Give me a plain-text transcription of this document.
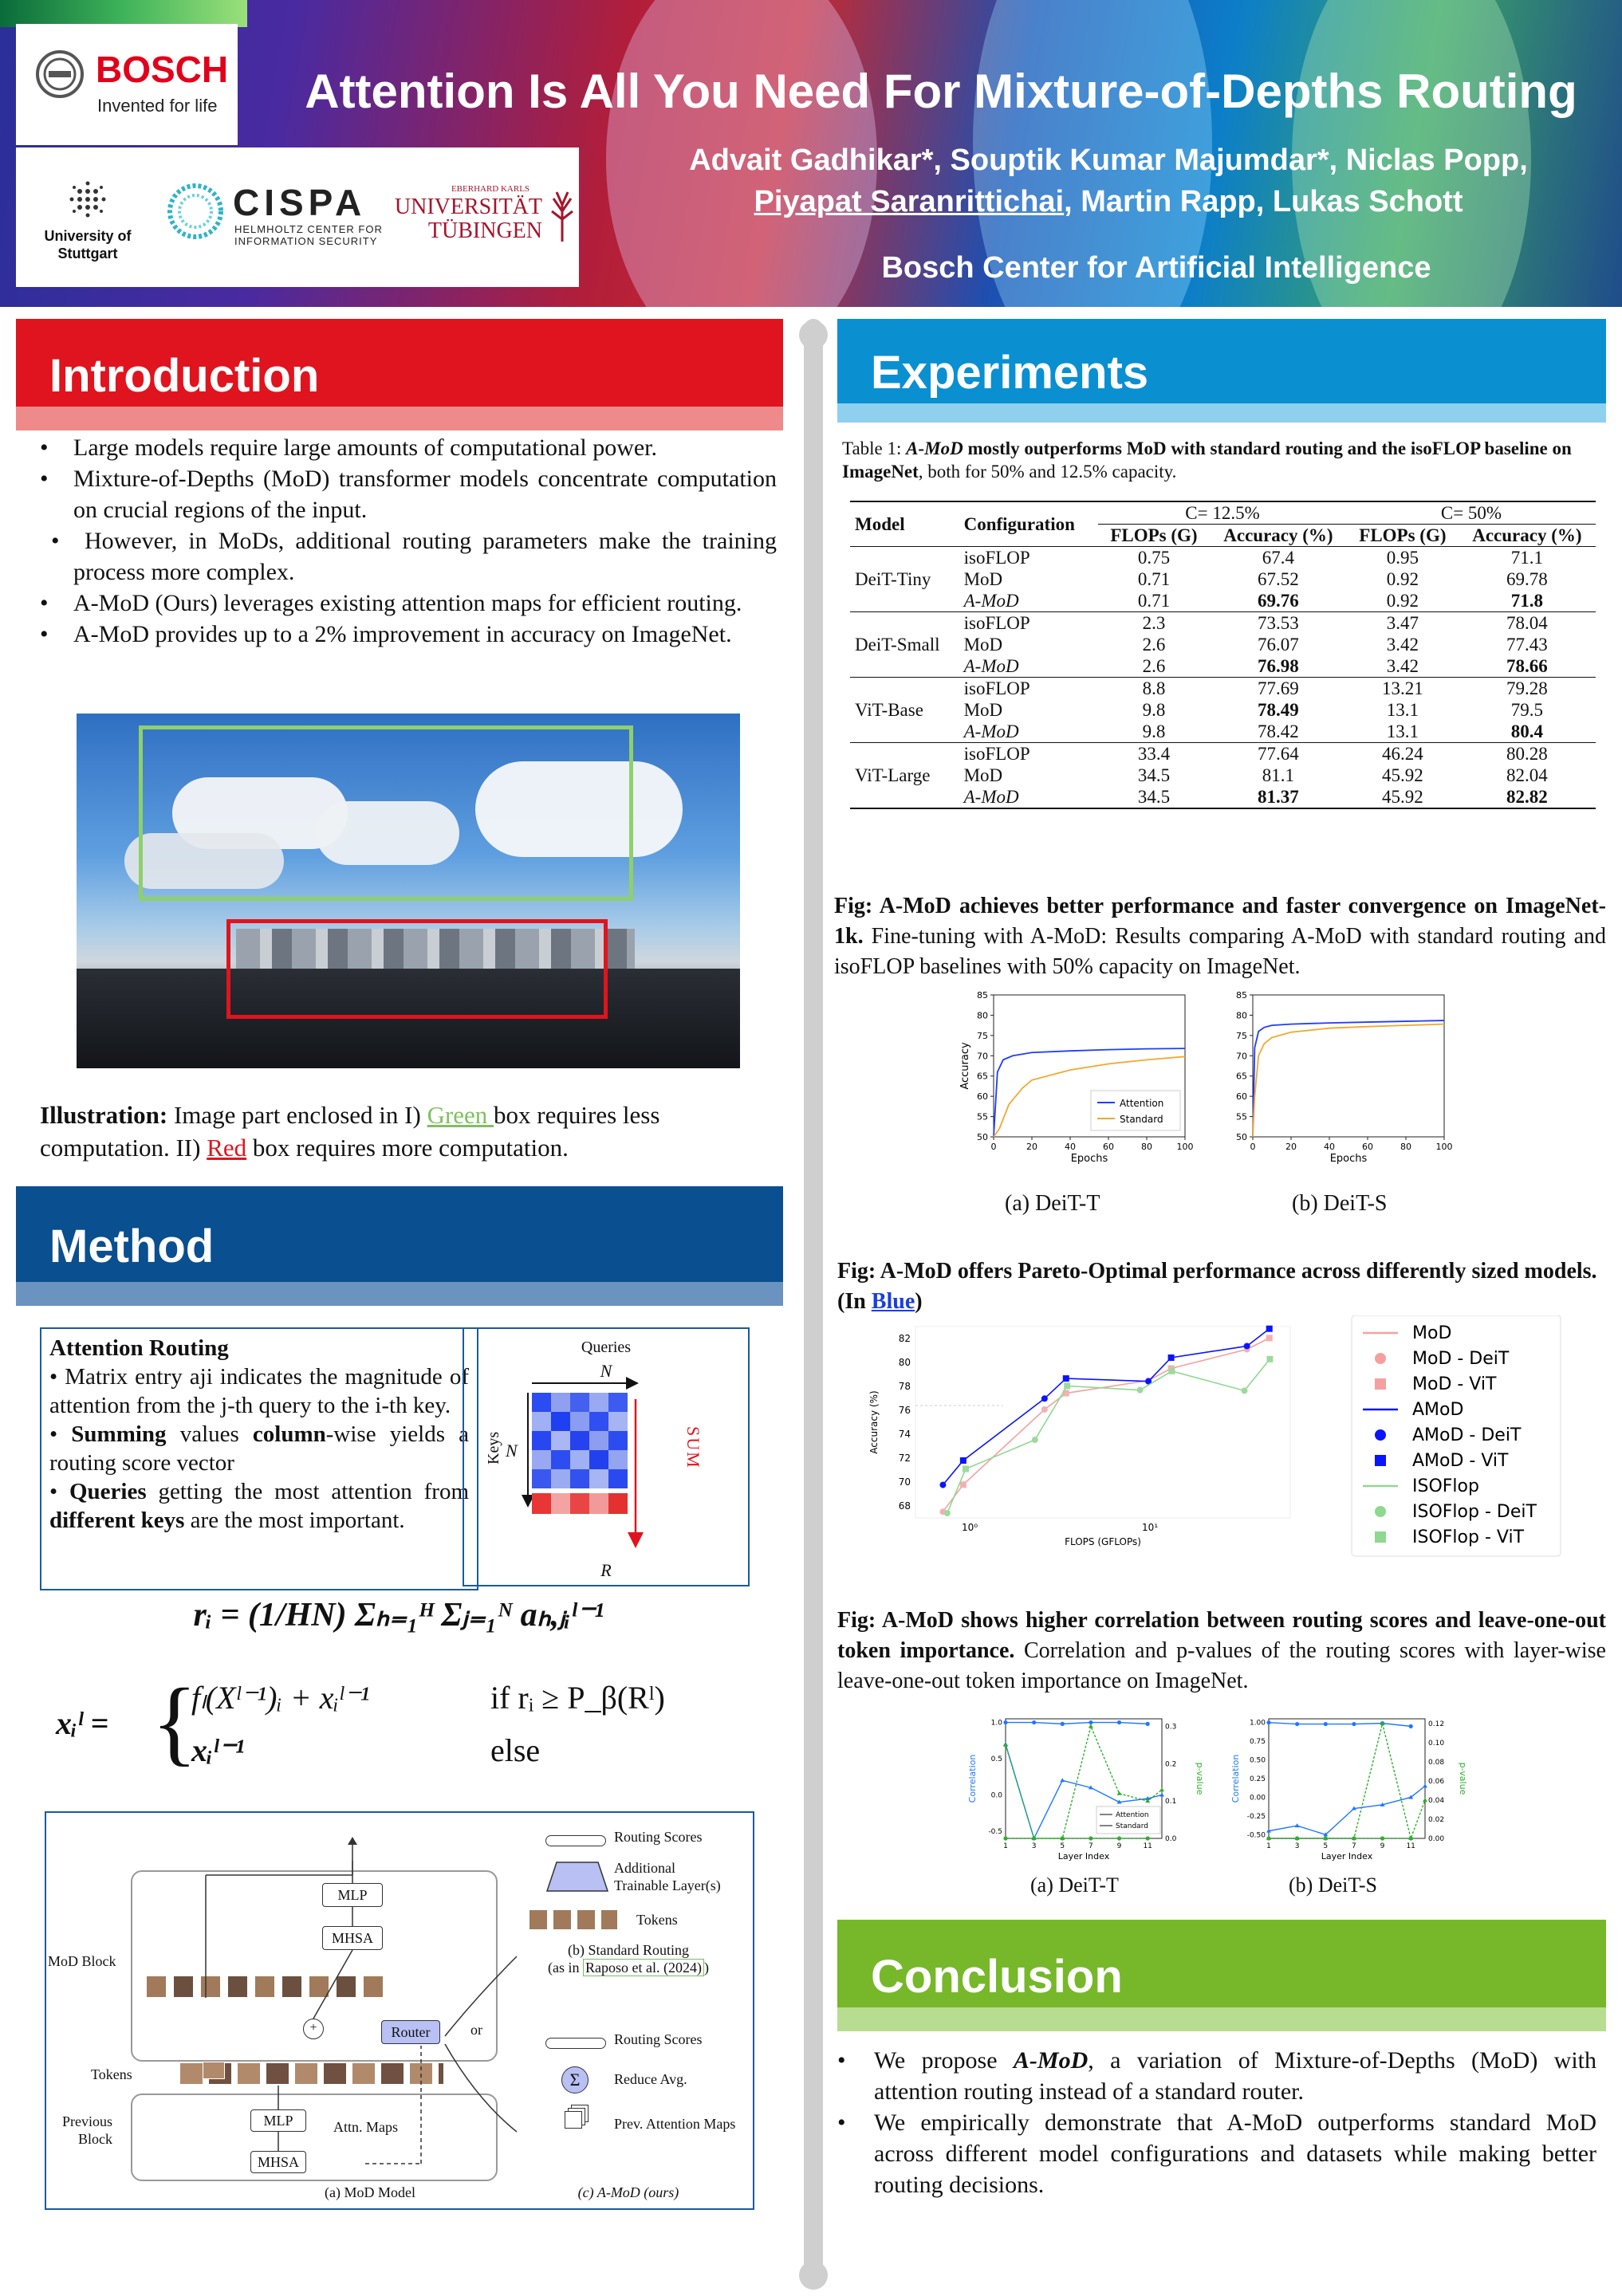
BOSCH
Invented for life
University of
Stuttgart
CISPA
HELMHOLTZ CENTER FOR
INFORMATION SECURITY
EBERHARD KARLS
UNIVERSITÄT
TÜBINGEN
Attention Is All You Need For Mixture-of-Depths Routing
Advait Gadhikar*, Souptik Kumar Majumdar*, Niclas Popp,
Piyapat Saranrittichai, Martin Rapp, Lukas Schott
Bosch Center for Artificial Intelligence
Introduction
• Large models require large amounts of computational power.
• Mixture-of-Depths (MoD) transformer models concentrate computation on crucial regions of the input.
• However, in MoDs, additional routing parameters make the training process more complex.
• A-MoD (Ours) leverages existing attention maps for efficient routing.
• A-MoD provides up to a 2% improvement in accuracy on ImageNet.

Illustration: Image part enclosed in I) Green box requires less computation. II) Red box requires more computation.

Method
Attention Routing
• Matrix entry aji indicates the magnitude of attention from the j-th query to the i-th key.
• Summing values column-wise yields a routing score vector
• Queries getting the most attention from different keys are the most important.
Queries
N
Keys N	SUM
R
rᵢ = (1/HN) Σₕ₌₁ᴴ Σⱼ₌₁ᴺ aₕ,ⱼᵢˡ⁻¹
xᵢˡ = {
fₗ(Xˡ⁻¹)ᵢ + xᵢˡ⁻¹	if rᵢ ≥ P_β(Rˡ)
xᵢˡ⁻¹	else
MoD Block
MLP
MHSA
Router	or
+
Tokens
Previous
Block
MLP
MHSA
Attn. Maps
(a) MoD Model
Routing Scores
Additional
Trainable Layer(s)
Tokens
(b) Standard Routing
(as in Raposo et al. (2024) )
Routing Scores
Σ	Reduce Avg.
Prev. Attention Maps
(c) A-MoD (ours)
Experiments
Table 1: A-MoD mostly outperforms MoD with standard routing and the isoFLOP baseline on ImageNet, both for 50% and 12.5% capacity.
Model	Configuration	C= 12.5%		C= 50%	
		FLOPs (G)	Accuracy (%)	FLOPs (G)	Accuracy (%)
	isoFLOP	0.75	67.4	0.95	71.1
DeiT-Tiny	MoD	0.71	67.52	0.92	69.78
	A-MoD	0.71	69.76	0.92	71.8
	isoFLOP	2.3	73.53	3.47	78.04
DeiT-Small	MoD	2.6	76.07	3.42	77.43
	A-MoD	2.6	76.98	3.42	78.66
	isoFLOP	8.8	77.69	13.21	79.28
ViT-Base	MoD	9.8	78.49	13.1	79.5
	A-MoD	9.8	78.42	13.1	80.4
	isoFLOP	33.4	77.64	46.24	80.28
ViT-Large	MoD	34.5	81.1	45.92	82.04
	A-MoD	34.5	81.37	45.92	82.82
Fig: A-MoD achieves better performance and faster convergence on ImageNet-1k. Fine-tuning with A-MoD: Results comparing A-MoD with standard routing and isoFLOP baselines with 50% capacity on ImageNet.
50
55
60
65
70
75
80
85
0	20	40	60	80	100
Epochs
Accuracy
Attention
Standard
50
55
60
65
70
75
80
85
0	20	40	60	80	100
Epochs
(a) DeiT-T	(b) DeiT-S
Fig: A-MoD offers Pareto-Optimal performance across differently sized models. (In Blue)
68
70
72
74
76
78
80
82
10⁰	10¹
FLOPS (GFLOPs)
Accuracy (%)
MoD
MoD - DeiT
MoD - ViT
AMoD
AMoD - DeiT
AMoD - ViT
ISOFlop
ISOFlop - DeiT
ISOFlop - ViT
Fig: A-MoD shows higher correlation between routing scores and leave-one-out token importance. Correlation and p-values of the routing scores with layer-wise leave-one-out token importance on ImageNet.
-0.5
0.0
0.5
1.0
0.0
0.1
0.2
0.3
1	3	5	7	9	11
Layer Index
Correlation	p-value
Attention
Standard
-0.50
-0.25
0.00
0.25
0.50
0.75
1.00
0.00
0.02
0.04
0.06
0.08
0.10
0.12
1	3	5	7	9	11
Layer Index
Correlation	p-value
(a) DeiT-T	(b) DeiT-S
Conclusion
• We propose A-MoD, a variation of Mixture-of-Depths (MoD) with attention routing instead of a standard router.
• We empirically demonstrate that A-MoD outperforms standard MoD across different model configurations and datasets while making better routing decisions.
